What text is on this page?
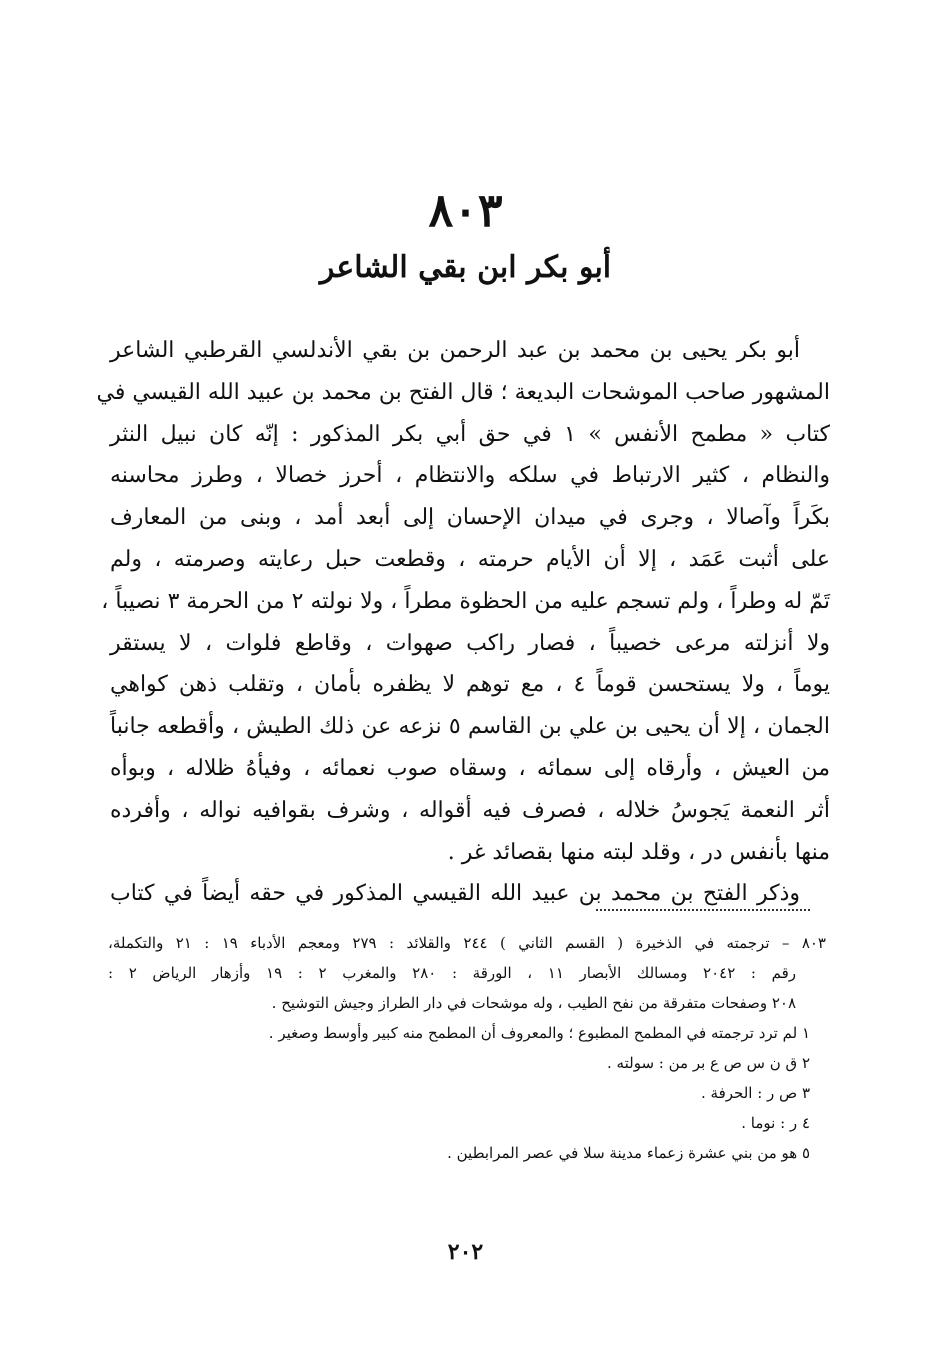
٨٠٣
أبو بكر ابن بقي الشاعر
أبو بكر يحيى بن محمد بن عبد الرحمن بن بقي الأندلسي القرطبي الشاعر
المشهور صاحب الموشحات البديعة ؛ قال الفتح بن محمد بن عبيد الله القيسي في
كتاب « مطمح الأنفس » ١ في حق أبي بكر المذكور : إنّه كان نبيل النثر
والنظام ، كثير الارتباط في سلكه والانتظام ، أحرز خصالا ، وطرز محاسنه
بكَراً وآصالا ، وجرى في ميدان الإحسان إلى أبعد أمد ، وبنى من المعارف
على أثبت عَمَد ، إلا أن الأيام حرمته ، وقطعت حبل رعايته وصرمته ، ولم
تَمّ له وطراً ، ولم تسجم عليه من الحظوة مطراً ، ولا نولته ٢ من الحرمة ٣ نصيباً ،
ولا أنزلته مرعى خصيباً ، فصار راكب صهوات ، وقاطع فلوات ، لا يستقر
يوماً ، ولا يستحسن قوماً ٤ ، مع توهم لا يظفره بأمان ، وتقلب ذهن كواهي
الجمان ، إلا أن يحيى بن علي بن القاسم ٥ نزعه عن ذلك الطيش ، وأقطعه جانباً
من العيش ، وأرقاه إلى سمائه ، وسقاه صوب نعمائه ، وفيأهُ ظلاله ، وبوأه
أثر النعمة يَجوسُ خلاله ، فصرف فيه أقواله ، وشرف بقوافيه نواله ، وأفرده
منها بأنفس در ، وقلد لبته منها بقصائد غر .
وذكر الفتح بن محمد بن عبيد الله القيسي المذكور في حقه أيضاً في كتاب
٨٠٣ – ترجمته في الذخيرة ( القسم الثاني ) ٢٤٤ والقلائد : ٢٧٩ ومعجم الأدباء ١٩ : ٢١ والتكملة،
رقم : ٢٠٤٢ ومسالك الأبصار ١١ ، الورقة : ٢٨٠ والمغرب ٢ : ١٩ وأزهار الرياض ٢ :
٢٠٨ وصفحات متفرقة من نفح الطيب ، وله موشحات في دار الطراز وجيش التوشيح .
١ لم ترد ترجمته في المطمح المطبوع ؛ والمعروف أن المطمح منه كبير وأوسط وصغير .
٢ ق ن س ص ع بر من : سولته .
٣ ص ر : الحرفة .
٤ ر : نوما .
٥ هو من بني عشرة زعماء مدينة سلا في عصر المرابطين .
٢٠٢
